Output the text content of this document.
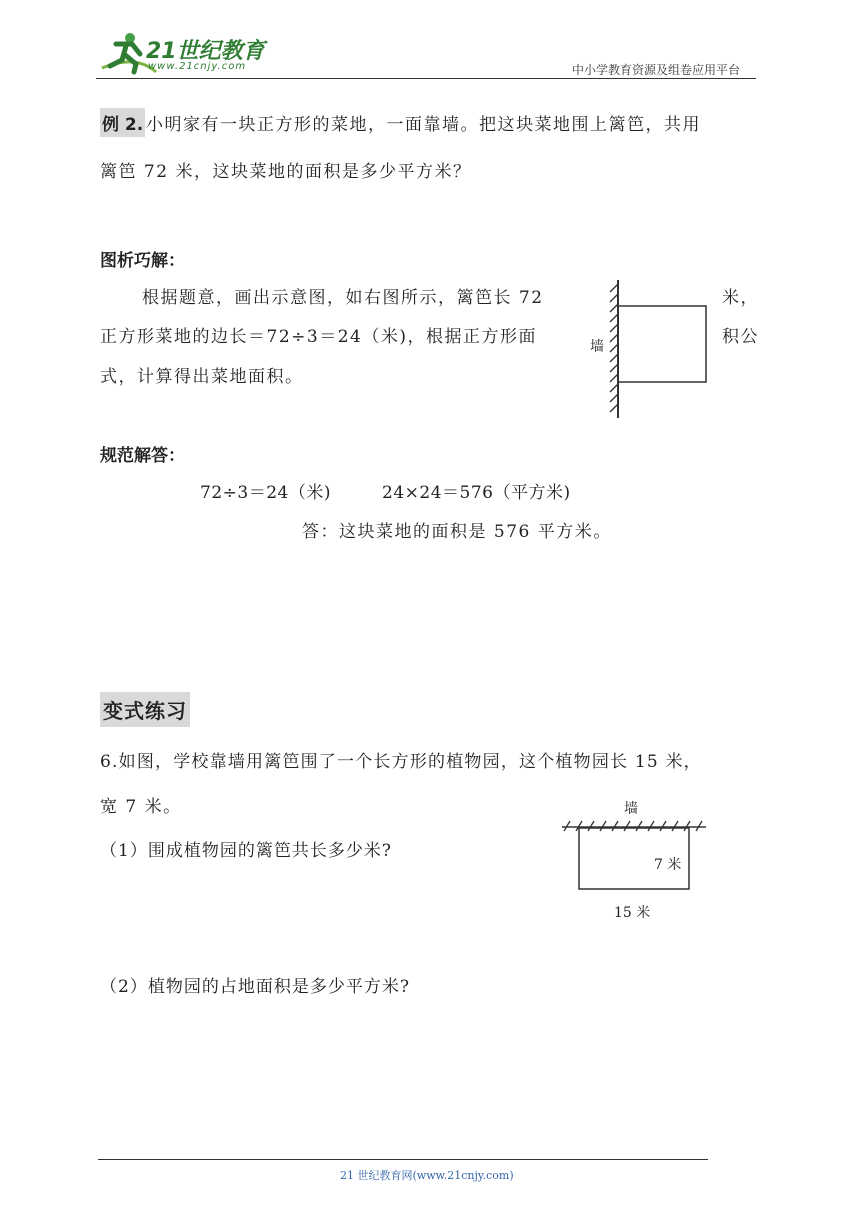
21世纪教育
www.21cnjy.com	中小学教育资源及组卷应用平台
例 2. 小明家有一块正方形的菜地，一面靠墙。把这块菜地围上篱笆，共用
篱笆 72 米，这块菜地的面积是多少平方米？
图析巧解：
根据题意，画出示意图，如右图所示，篱笆长 72	米，
正方形菜地的边长＝72÷3＝24（米)，根据正方形面	积公
式，计算得出菜地面积。
墙
规范解答：
72÷3＝24（米)	24×24＝576（平方米)
答：这块菜地的面积是 576 平方米。
变式练习
6.如图，学校靠墙用篱笆围了一个长方形的植物园，这个植物园长 15 米，
宽 7 米。
（1）围成植物园的篱笆共长多少米?
（2）植物园的占地面积是多少平方米?
墙
7 米
15 米
21 世纪教育网(www.21cnjy.com)
